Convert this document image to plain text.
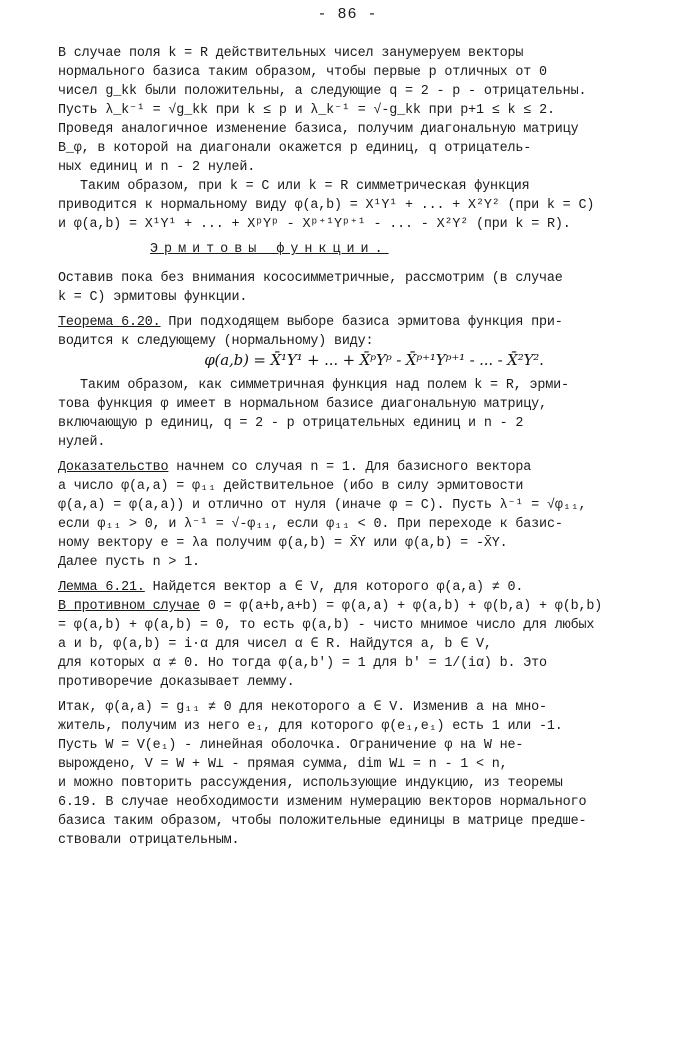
- 86 -
В случае поля k = R действительных чисел занумеруем векторы
нормального базиса таким образом, чтобы первые p отличных от 0
чисел g_kk были положительны, а следующие q = 2 - p - отрицательны.
Пусть λ_k⁻¹ = √g_kk при k ≤ p и λ_k⁻¹ = √-g_kk при p+1 ≤ k ≤ 2.
Проведя аналогичное изменение базиса, получим диагональную матрицу
B_φ, в которой на диагонали окажется p единиц, q отрицатель-
ных единиц и n - 2 нулей.
Таким образом, при k = C или k = R симметрическая функция
приводится к нормальному виду φ(a,b) = X¹Y¹ + ... + X²Y² (при k = C)
и φ(a,b) = X¹Y¹ + ... + XᵖYᵖ - Xᵖ⁺¹Yᵖ⁺¹ - ... - X²Y² (при k = R).
Эрмитовы функции.
Оставив пока без внимания кососимметричные, рассмотрим (в случае
k = C) эрмитовы функции.
Теорема 6.20. При подходящем выборе базиса эрмитова функция при-
водится к следующему (нормальному) виду:
φ(a,b) = X̄¹Y¹ + ... + X̄ᵖYᵖ - X̄ᵖ⁺¹Yᵖ⁺¹ - ... - X̄²Y².
Таким образом, как симметричная функция над полем k = R, эрми-
това функция φ имеет в нормальном базисе диагональную матрицу,
включающую p единиц, q = 2 - p отрицательных единиц и n - 2
нулей.
Доказательство начнем со случая n = 1. Для базисного вектора
a число φ(a,a) = φ₁₁ действительное (ибо в силу эрмитовости
φ(a,a) = φ(a,a)) и отлично от нуля (иначе φ = C). Пусть λ⁻¹ = √φ₁₁,
если φ₁₁ > 0, и λ⁻¹ = √-φ₁₁, если φ₁₁ < 0. При переходе к базис-
ному вектору e = λa получим φ(a,b) = X̄Y или φ(a,b) = -X̄Y.
Далее пусть n > 1.
Лемма 6.21. Найдется вектор a ∈ V, для которого φ(a,a) ≠ 0.
В противном случае 0 = φ(a+b,a+b) = φ(a,a) + φ(a,b) + φ(b,a) + φ(b,b)
= φ(a,b) + φ(a,b) = 0, то есть φ(a,b) - чисто мнимое число для любых
a и b, φ(a,b) = i·α для чисел α ∈ R. Найдутся a, b ∈ V,
для которых α ≠ 0. Но тогда φ(a,b′) = 1 для b′ = 1/(iα) b. Это
противоречие доказывает лемму.
Итак, φ(a,a) = g₁₁ ≠ 0 для некоторого a ∈ V. Изменив a на мно-
житель, получим из него e₁, для которого φ(e₁,e₁) есть 1 или -1.
Пусть W = V(e₁) - линейная оболочка. Ограничение φ на W не-
вырождено, V = W + W⊥ - прямая сумма, dim W⊥ = n - 1 < n,
и можно повторить рассуждения, использующие индукцию, из теоремы
6.19. В случае необходимости изменим нумерацию векторов нормального
базиса таким образом, чтобы положительные единицы в матрице предше-
ствовали отрицательным.
